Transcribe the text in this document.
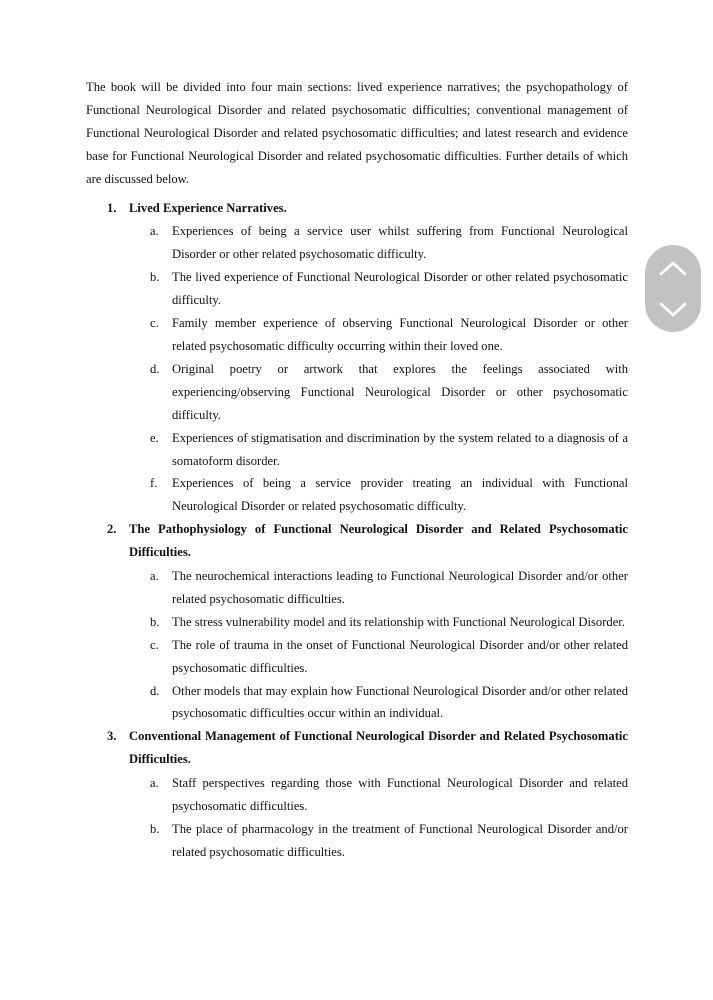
The book will be divided into four main sections: lived experience narratives; the psychopathology of Functional Neurological Disorder and related psychosomatic difficulties; conventional management of Functional Neurological Disorder and related psychosomatic difficulties; and latest research and evidence base for Functional Neurological Disorder and related psychosomatic difficulties. Further details of which are discussed below.

1. Lived Experience Narratives.
a. Experiences of being a service user whilst suffering from Functional Neurological Disorder or other related psychosomatic difficulty.
b. The lived experience of Functional Neurological Disorder or other related psychosomatic difficulty.
c. Family member experience of observing Functional Neurological Disorder or other related psychosomatic difficulty occurring within their loved one.
d. Original poetry or artwork that explores the feelings associated with experiencing/observing Functional Neurological Disorder or other psychosomatic difficulty.
e. Experiences of stigmatisation and discrimination by the system related to a diagnosis of a somatoform disorder.
f. Experiences of being a service provider treating an individual with Functional Neurological Disorder or related psychosomatic difficulty.
2. The Pathophysiology of Functional Neurological Disorder and Related Psychosomatic Difficulties.
a. The neurochemical interactions leading to Functional Neurological Disorder and/or other related psychosomatic difficulties.
b. The stress vulnerability model and its relationship with Functional Neurological Disorder.
c. The role of trauma in the onset of Functional Neurological Disorder and/or other related psychosomatic difficulties.
d. Other models that may explain how Functional Neurological Disorder and/or other related psychosomatic difficulties occur within an individual.
3. Conventional Management of Functional Neurological Disorder and Related Psychosomatic Difficulties.
a. Staff perspectives regarding those with Functional Neurological Disorder and related psychosomatic difficulties.
b. The place of pharmacology in the treatment of Functional Neurological Disorder and/or related psychosomatic difficulties.
